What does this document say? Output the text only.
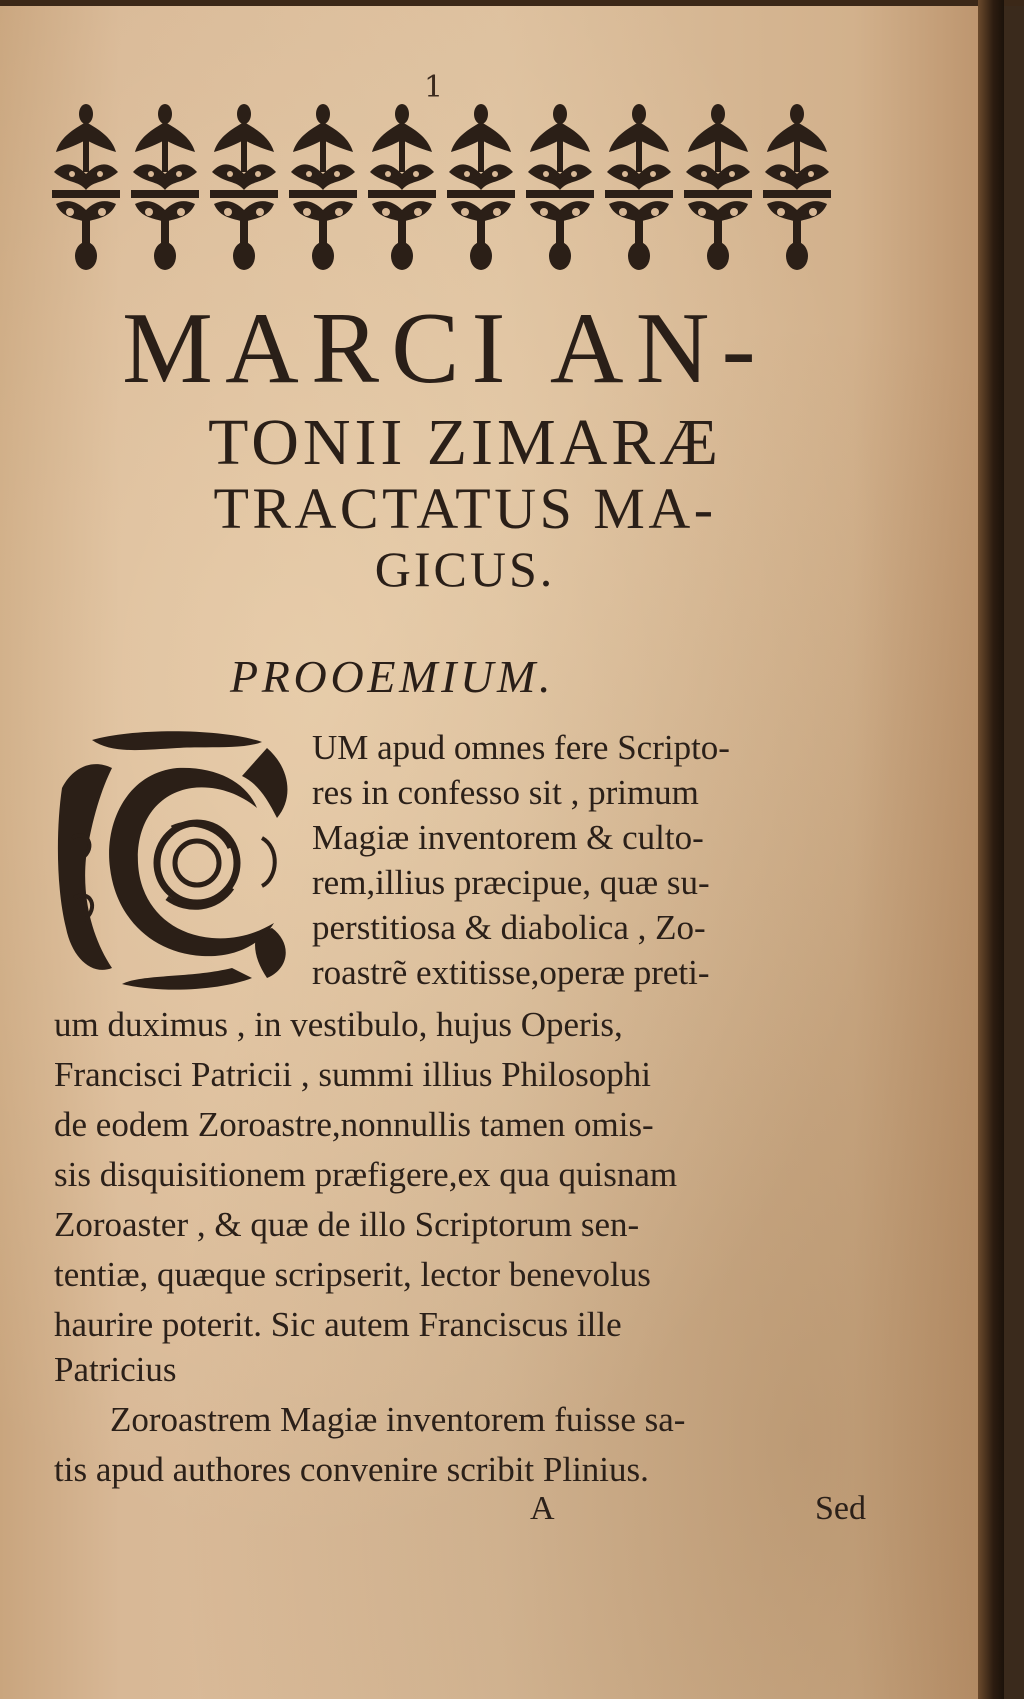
1
MARCI AN-
TONII ZIMARÆ
TRACTATUS MA-
GICUS.
PROOEMIUM.
UM apud omnes fere Scripto-
res in confesso sit , primum
Magiæ inventorem & culto-
rem,illius præcipue, quæ su-
perstitiosa & diabolica , Zo-
roastrẽ extitisse,operæ preti-
um duximus , in vestibulo, hujus Operis,
Francisci Patricii , summi illius Philosophi
de eodem Zoroastre,nonnullis tamen omis-
sis disquisitionem præfigere,ex qua quisnam
Zoroaster , & quæ de illo Scriptorum sen-
tentiæ, quæque scripserit, lector benevolus
haurire poterit. Sic autem Franciscus ille
Patricius
Zoroastrem Magiæ inventorem fuisse sa-
tis apud authores convenire scribit Plinius.
A	Sed
